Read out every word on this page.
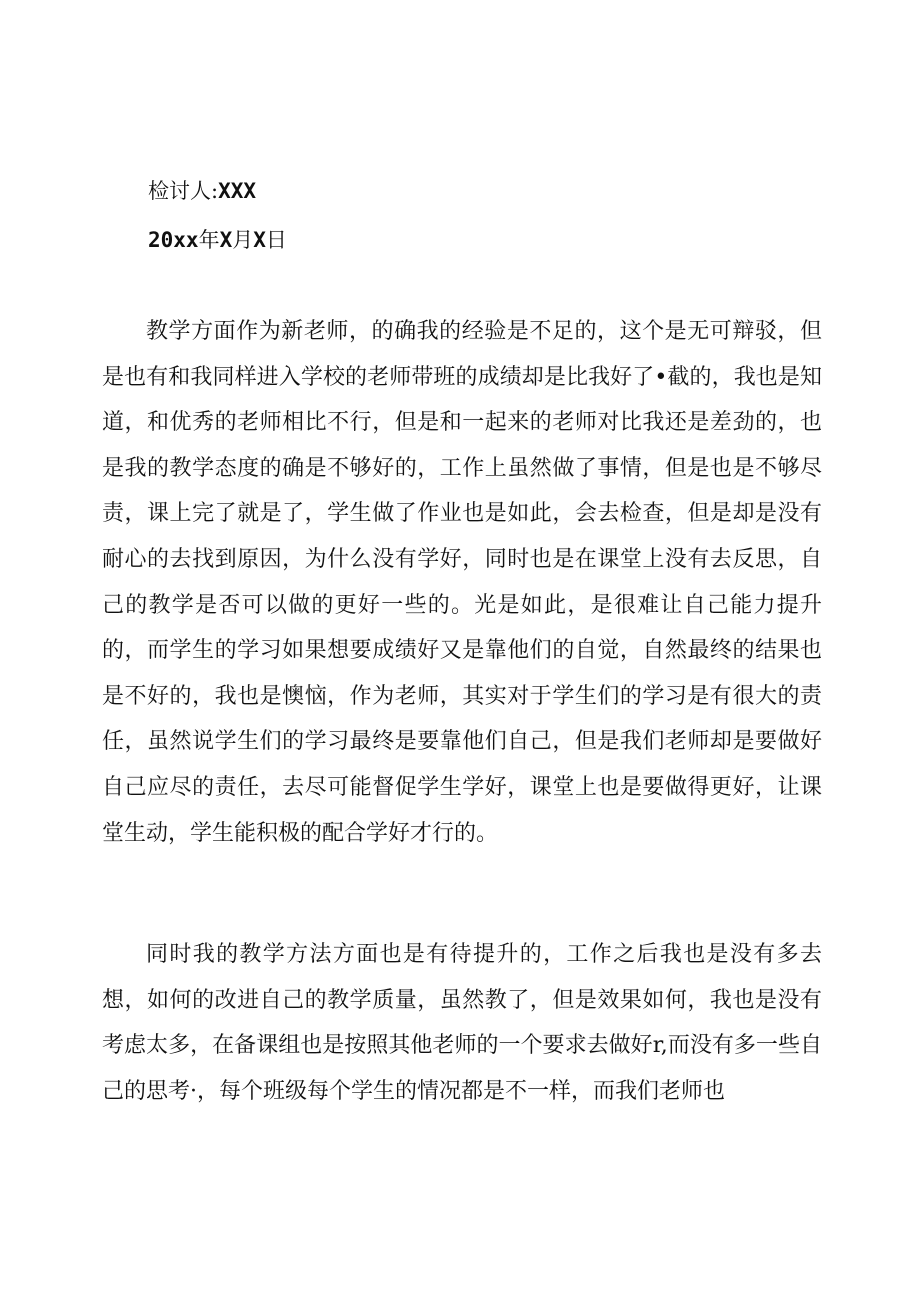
检讨人:XXX
20xx年X月X日

教学方面作为新老师，的确我的经验是不足的，这个是无可辩驳，但是也有和我同样进入学校的老师带班的成绩却是比我好了•截的，我也是知道，和优秀的老师相比不行，但是和一起来的老师对比我还是差劲的，也是我的教学态度的确是不够好的，工作上虽然做了事情，但是也是不够尽责，课上完了就是了，学生做了作业也是如此，会去检查，但是却是没有耐心的去找到原因，为什么没有学好，同时也是在课堂上没有去反思，自己的教学是否可以做的更好一些的。光是如此，是很难让自己能力提升的，而学生的学习如果想要成绩好又是靠他们的自觉，自然最终的结果也是不好的，我也是懊恼，作为老师，其实对于学生们的学习是有很大的责任，虽然说学生们的学习最终是要靠他们自己，但是我们老师却是要做好自己应尽的责任，去尽可能督促学生学好，课堂上也是要做得更好，让课堂生动，学生能积极的配合学好才行的。

同时我的教学方法方面也是有待提升的，工作之后我也是没有多去想，如何的改进自己的教学质量，虽然教了，但是效果如何，我也是没有考虑太多，在备课组也是按照其他老师的一个要求去做好r,而没有多一些自己的思考·，每个班级每个学生的情况都是不一样，而我们老师也
